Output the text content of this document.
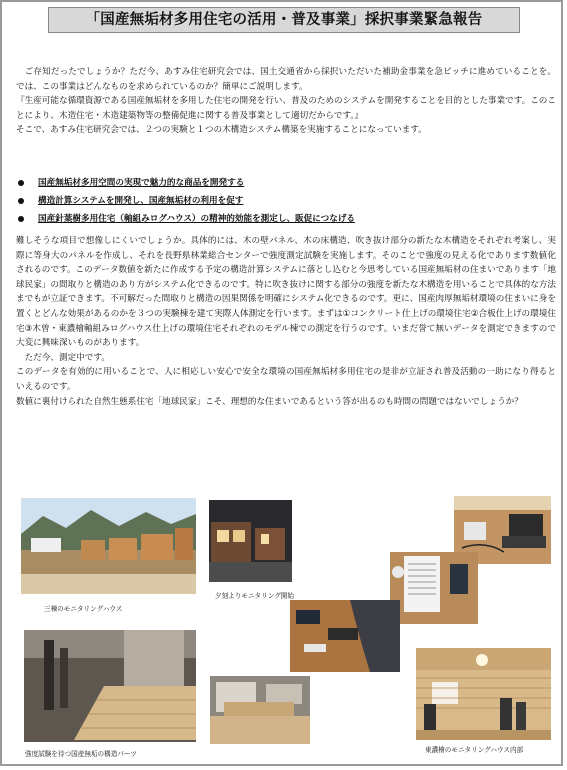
「国産無垢材多用住宅の活用・普及事業」採択事業緊急報告

　ご存知だったでしょうか？ただ今、あすみ住宅研究会では、国土交通省から採択いただいた補助金事業を急ピッチに進めていることを。では、この事業はどんなものを求められているのか？簡単にご説明します。

『生産可能な循環資源である国産無垢材を多用した住宅の開発を行い、普及のためのシステムを開発することを目的とした事業です。このことにより、木造住宅・木造建築物等の整備促進に関する普及事業として適切だからです。』

そこで、あすみ住宅研究会では、２つの実験と１つの木構造システム構築を実施することになっています。

国産無垢材多用空間の実現で魅力的な商品を開発する
構造計算システムを開発し、国産無垢材の利用を促す
国産針葉樹多用住宅（軸組みログハウス）の精神的効能を測定し、販促につなげる

難しそうな項目で想像しにくいでしょうか。具体的には、木の壁パネル、木の床構造、吹き抜け部分の新たな木構造をそれぞれ考案し、実際に等身大のパネルを作成し、それを長野県林業総合センターで強度測定試験を実施します。そのことで強度の見える化であります数値化されるのです。このデータ数値を新たに作成する予定の構造計算システムに落とし込むと今思考している国産無垢材の住まいであります「地球民家」の間取りと構造のあり方がシステム化できるのです。特に吹き抜けに関する部分の強度を新たな木構造を用いることで具体的な方法までもが立証できます。不可解だった間取りと構造の因果関係を明確にシステム化できるのです。更に、国産肉厚無垢材環境の住まいに身を置くとどんな効果があるのかを３つの実験棟を建て実際人体測定を行います。まずは①コンクリート仕上げの環境住宅②合板仕上げの環境住宅③木曽・東濃檜軸組みログハウス仕上げの環境住宅それぞれのモデル棟での測定を行うのです。いまだ誉て無いデータを測定できますので大変に興味深いものがあります。

　ただ今、測定中です。

このデータを有効的に用いることで、人に相応しい安心で安全な環境の国産無垢材多用住宅の是非が立証され普及活動の一助になり得るといえるのです。

数値に裏付けられた自然生態系住宅「地球民家」こそ、理想的な住まいであるという答が出るのも時間の問題ではないでしょうか？

三棟のモニタリングハウス
夕刻よりモニタリング開始
強度試験を待つ国産無垢の構造パーツ	東濃檜のモニタリングハウス内部
